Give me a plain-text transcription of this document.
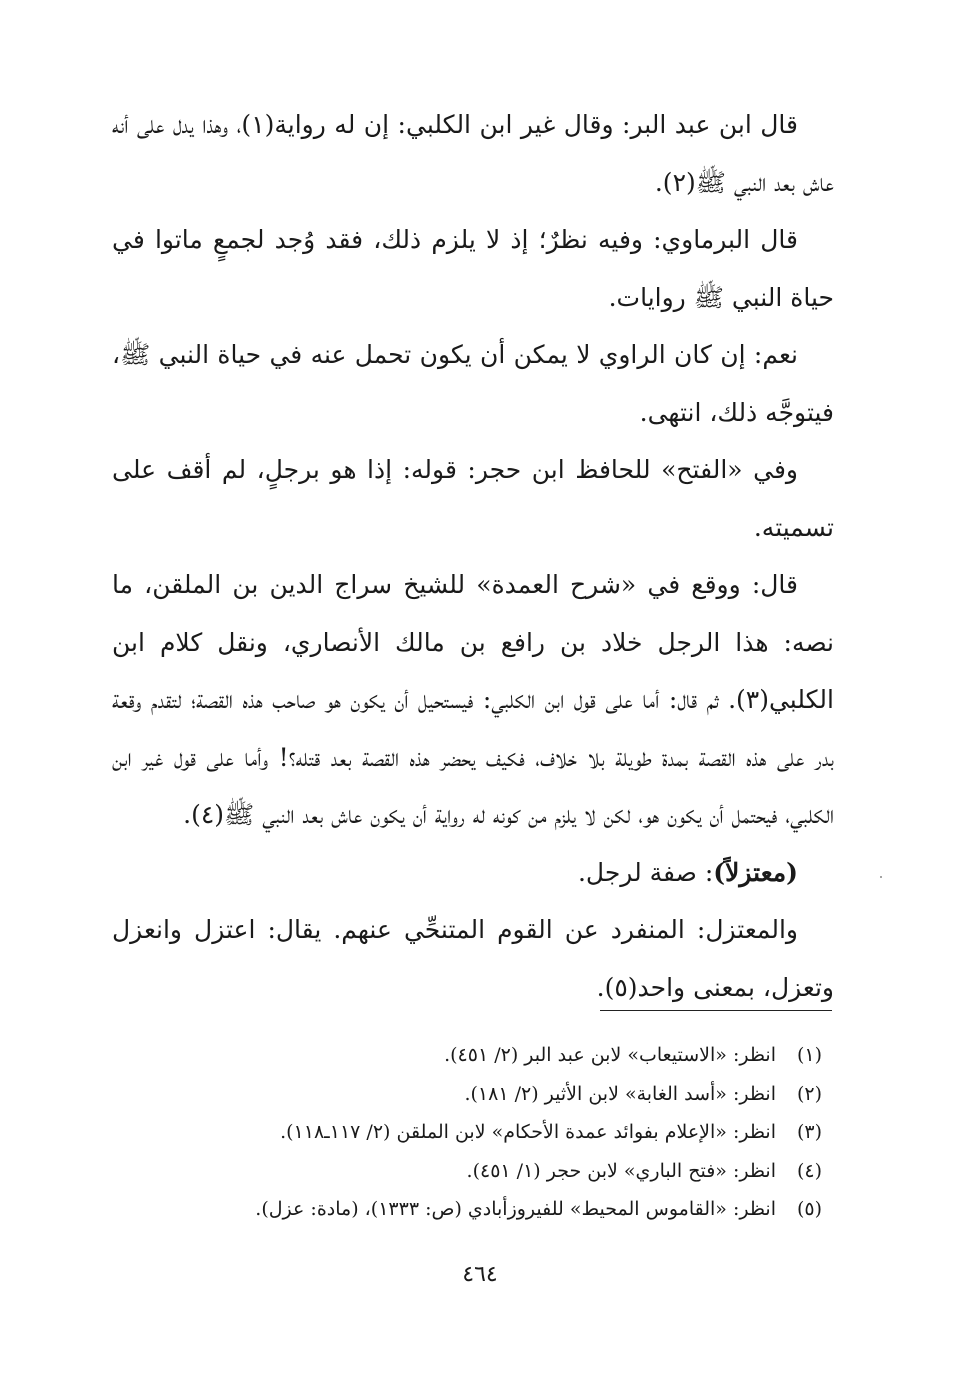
قال ابن عبد البر: وقال غير ابن الكلبي: إن له رواية(١)، وهذا يدل على أنه عاش بعد النبي ﷺ(٢).

قال البرماوي: وفيه نظرٌ؛ إذ لا يلزم ذلك، فقد وُجد لجمعٍ ماتوا في حياة النبي ﷺ روايات.

نعم: إن كان الراوي لا يمكن أن يكون تحمل عنه في حياة النبي ﷺ، فيتوجَّه ذلك، انتهى.

وفي «الفتح» للحافظ ابن حجر: قوله: إذا هو برجلٍ، لم أقف على تسميته.

قال: ووقع في «شرح العمدة» للشيخ سراج الدين بن الملقن، ما نصه: هذا الرجل خلاد بن رافع بن مالك الأنصاري، ونقل كلام ابن الكلبي(٣). ثم قال: أما على قول ابن الكلبي: فيستحيل أن يكون هو صاحب هذه القصة؛ لتقدم وقعة بدر على هذه القصة بمدة طويلة بلا خلاف، فكيف يحضر هذه القصة بعد قتله؟! وأما على قول غير ابن الكلبي، فيحتمل أن يكون هو، لكن لا يلزم من كونه له رواية أن يكون عاش بعد النبي ﷺ(٤).

(معتزلاً): صفة لرجل.

والمعتزل: المنفرد عن القوم المتنحِّي عنهم. يقال: اعتزل وانعزل وتعزل، بمعنى واحد(٥).

(١)انظر: «الاستيعاب» لابن عبد البر (٢/ ٤٥١).

(٢)انظر: «أسد الغابة» لابن الأثير (٢/ ١٨١).

(٣)انظر: «الإعلام بفوائد عمدة الأحكام» لابن الملقن (٢/ ١١٧ـ١١٨).

(٤)انظر: «فتح الباري» لابن حجر (١/ ٤٥١).

(٥)انظر: «القاموس المحيط» للفيروزأبادي (ص: ١٣٣٣)، (مادة: عزل).

٤٦٤
